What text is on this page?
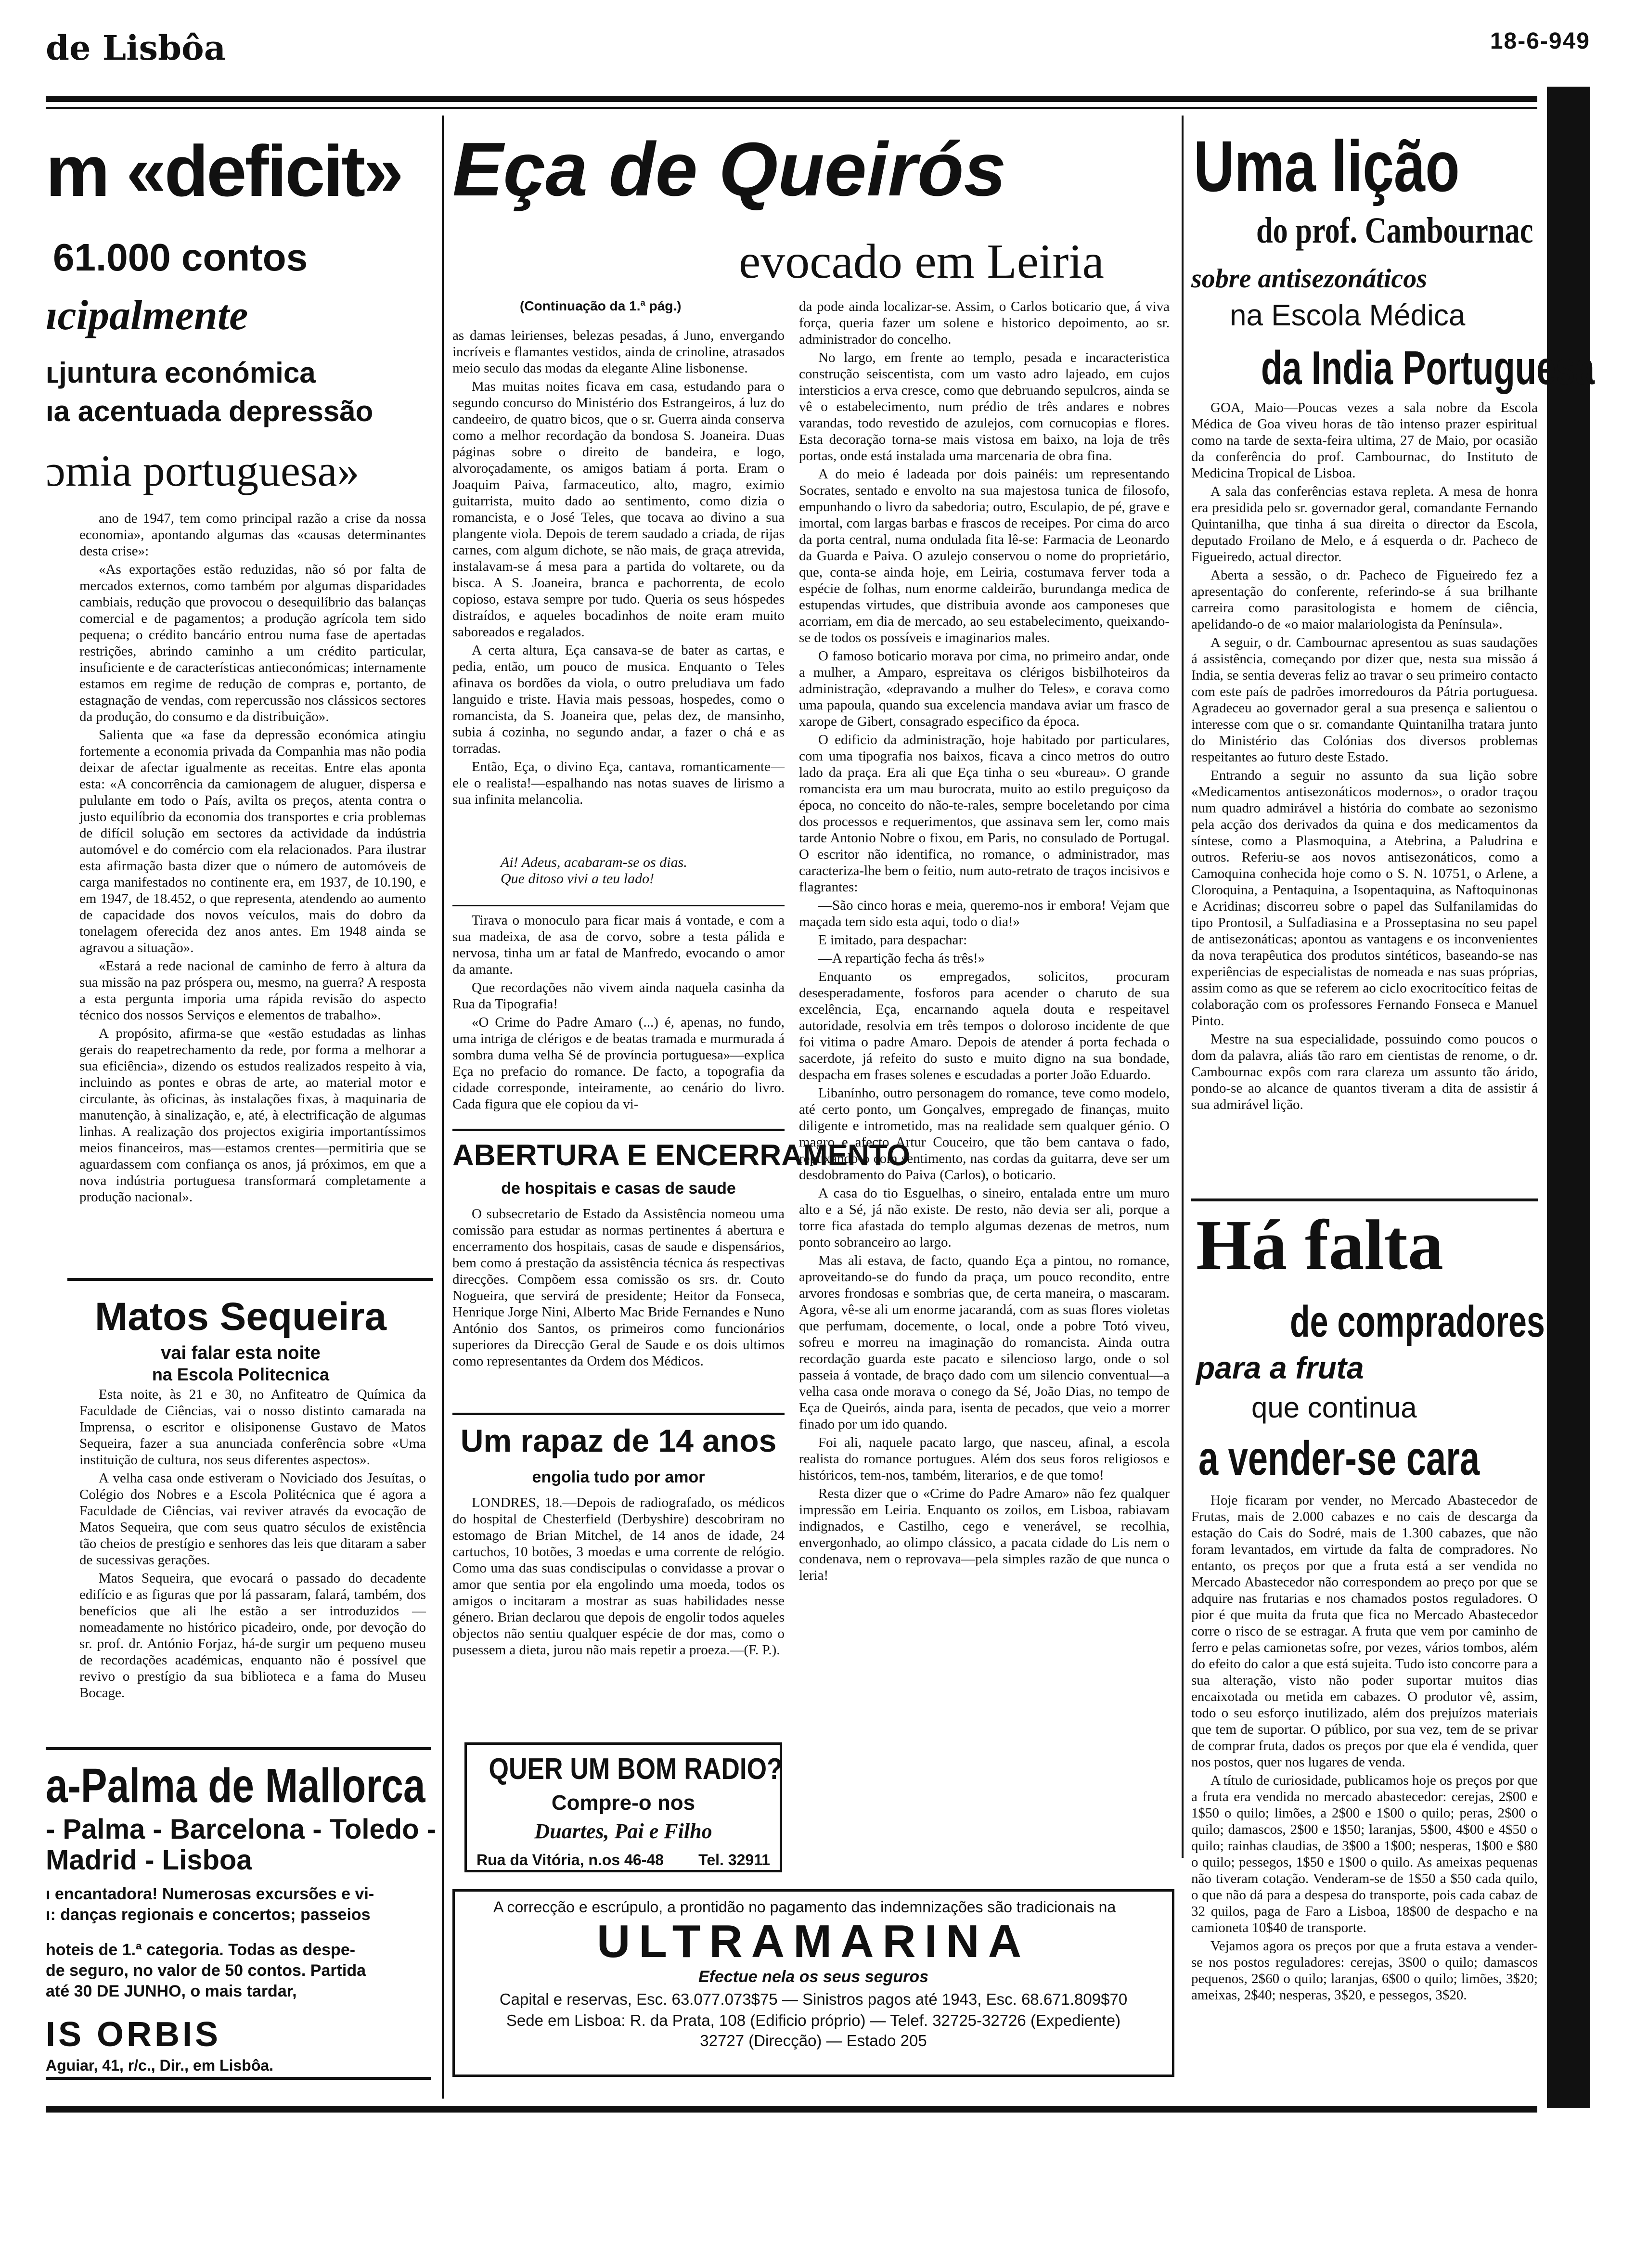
de Lisbôa	18-6-949
m «deficit»
61.000 contos
ıcipalmente
ʟjuntura económica
ıa acentuada depressão
ɔmia portuguesa»

ano de 1947, tem como principal razão a crise da nossa economia», apontando algumas das «causas determinantes desta crise»:

«As exportações estão reduzidas, não só por falta de mercados externos, como também por algumas disparidades cambiais, redução que provocou o desequilíbrio das balanças comercial e de pagamentos; a produção agrícola tem sido pequena; o crédito bancário entrou numa fase de apertadas restrições, abrindo caminho a um crédito particular, insuficiente e de características antieconómicas; internamente estamos em regime de redução de compras e, portanto, de estagnação de vendas, com repercussão nos clássicos sectores da produção, do consumo e da distribuição».

Salienta que «a fase da depressão económica atingiu fortemente a economia privada da Companhia mas não podia deixar de afectar igualmente as receitas. Entre elas aponta esta: «A concorrência da camionagem de aluguer, dispersa e pululante em todo o País, avilta os preços, atenta contra o justo equilíbrio da economia dos transportes e cria problemas de difícil solução em sectores da actividade da indústria automóvel e do comércio com ela relacionados. Para ilustrar esta afirmação basta dizer que o número de automóveis de carga manifestados no continente era, em 1937, de 10.190, e em 1947, de 18.452, o que representa, atendendo ao aumento de capacidade dos novos veículos, mais do dobro da tonelagem oferecida dez anos antes. Em 1948 ainda se agravou a situação».

«Estará a rede nacional de caminho de ferro à altura da sua missão na paz próspera ou, mesmo, na guerra? A resposta a esta pergunta imporia uma rápida revisão do aspecto técnico dos nossos Serviços e elementos de trabalho».

A propósito, afirma-se que «estão estudadas as linhas gerais do reapetrechamento da rede, por forma a melhorar a sua eficiência», dizendo os estudos realizados respeito à via, incluindo as pontes e obras de arte, ao material motor e circulante, às oficinas, às instalações fixas, à maquinaria de manutenção, à sinalização, e, até, à electrificação de algumas linhas. A realização dos projectos exigiria importantíssimos meios financeiros, mas—estamos crentes—permitiria que se aguardassem com confiança os anos, já próximos, em que a nova indústria portuguesa transformará completamente a produção nacional».

Matos Sequeira
vai falar esta noite
na Escola Politecnica

Esta noite, às 21 e 30, no Anfiteatro de Química da Faculdade de Ciências, vai o nosso distinto camarada na Imprensa, o escritor e olisiponense Gustavo de Matos Sequeira, fazer a sua anunciada conferência sobre «Uma instituição de cultura, nos seus diferentes aspectos».

A velha casa onde estiveram o Noviciado dos Jesuítas, o Colégio dos Nobres e a Escola Politécnica que é agora a Faculdade de Ciências, vai reviver através da evocação de Matos Sequeira, que com seus quatro séculos de existência tão cheios de prestígio e senhores das leis que ditaram a saber de sucessivas gerações.

Matos Sequeira, que evocará o passado do decadente edifício e as figuras que por lá passaram, falará, também, dos benefícios que ali lhe estão a ser introduzidos — nomeadamente no histórico picadeiro, onde, por devoção do sr. prof. dr. António Forjaz, há-de surgir um pequeno museu de recordações académicas, enquanto não é possível que revivo o prestígio da sua biblioteca e a fama do Museu Bocage.

a-Palma de Mallorca
- Palma - Barcelona - Toledo -
Madrid - Lisboa
ı encantadora! Numerosas excursões e vi-
ı: danças regionais e concertos; passeios
hoteis de 1.ª categoria. Todas as despe-
de seguro, no valor de 50 contos. Partida
até 30 DE JUNHO, o mais tardar,
IS ORBIS
Aguiar, 41, r/c., Dir., em Lisbôa.
Eça de Queirós
evocado em Leiria
(Continuação da 1.ª pág.)

as damas leirienses, belezas pesadas, á Juno, envergando incríveis e flamantes vestidos, ainda de crinoline, atrasados meio seculo das modas da elegante Aline lisbonense.

Mas muitas noites ficava em casa, estudando para o segundo concurso do Ministério dos Estrangeiros, á luz do candeeiro, de quatro bicos, que o sr. Guerra ainda conserva como a melhor recordação da bondosa S. Joaneira. Duas páginas sobre o direito de bandeira, e logo, alvoroçadamente, os amigos batiam á porta. Eram o Joaquim Paiva, farmaceutico, alto, magro, eximio guitarrista, muito dado ao sentimento, como dizia o romancista, e o José Teles, que tocava ao divino a sua plangente viola. Depois de terem saudado a criada, de rijas carnes, com algum dichote, se não mais, de graça atrevida, instalavam-se á mesa para a partida do voltarete, ou da bisca. A S. Joaneira, branca e pachorrenta, de ecolo copioso, estava sempre por tudo. Queria os seus hóspedes distraídos, e aqueles bocadinhos de noite eram muito saboreados e regalados.

A certa altura, Eça cansava-se de bater as cartas, e pedia, então, um pouco de musica. Enquanto o Teles afinava os bordões da viola, o outro preludiava um fado languido e triste. Havia mais pessoas, hospedes, como o romancista, da S. Joaneira que, pelas dez, de mansinho, subia á cozinha, no segundo andar, a fazer o chá e as torradas.

Então, Eça, o divino Eça, cantava, romanticamente—ele o realista!—espalhando nas notas suaves de lirismo a sua infinita melancolia.

Ai! Adeus, acabaram-se os dias.
Que ditoso vivi a teu lado!

Tirava o monoculo para ficar mais á vontade, e com a sua madeixa, de asa de corvo, sobre a testa pálida e nervosa, tinha um ar fatal de Manfredo, evocando o amor da amante.

Que recordações não vivem ainda naquela casinha da Rua da Tipografia!

«O Crime do Padre Amaro (...) é, apenas, no fundo, uma intriga de clérigos e de beatas tramada e murmurada á sombra duma velha Sé de província portuguesa»—explica Eça no prefacio do romance. De facto, a topografia da cidade corresponde, inteiramente, ao cenário do livro. Cada figura que ele copiou da vi-

ABERTURA E ENCERRAMENTO
de hospitais e casas de saude

O subsecretario de Estado da Assistência nomeou uma comissão para estudar as normas pertinentes á abertura e encerramento dos hospitais, casas de saude e dispensários, bem como á prestação da assistência técnica ás respectivas direcções. Compõem essa comissão os srs. dr. Couto Nogueira, que servirá de presidente; Heitor da Fonseca, Henrique Jorge Nini, Alberto Mac Bride Fernandes e Nuno António dos Santos, os primeiros como funcionários superiores da Direcção Geral de Saude e os dois ultimos como representantes da Ordem dos Médicos.

Um rapaz de 14 anos
engolia tudo por amor

LONDRES, 18.—Depois de radiografado, os médicos do hospital de Chesterfield (Derbyshire) descobriram no estomago de Brian Mitchel, de 14 anos de idade, 24 cartuchos, 10 botões, 3 moedas e uma corrente de relógio. Como uma das suas condiscipulas o convidasse a provar o amor que sentia por ela engolindo uma moeda, todos os amigos o incitaram a mostrar as suas habilidades nesse género. Brian declarou que depois de engolir todos aqueles objectos não sentiu qualquer espécie de dor mas, como o pusessem a dieta, jurou não mais repetir a proeza.—(F. P.).

QUER UM BOM RADIO?
Compre-o nos
Duartes, Pai e Filho
Rua da Vitória, n.os 46-48 Tel. 32911

da pode ainda localizar-se. Assim, o Carlos boticario que, á viva força, queria fazer um solene e historico depoimento, ao sr. administrador do concelho.

No largo, em frente ao templo, pesada e incaracteristica construção seiscentista, com um vasto adro lajeado, em cujos intersticios a erva cresce, como que debruando sepulcros, ainda se vê o estabelecimento, num prédio de três andares e nobres varandas, todo revestido de azulejos, com cornucopias e flores. Esta decoração torna-se mais vistosa em baixo, na loja de três portas, onde está instalada uma marcenaria de obra fina.

A do meio é ladeada por dois painéis: um representando Socrates, sentado e envolto na sua majestosa tunica de filosofo, empunhando o livro da sabedoria; outro, Esculapio, de pé, grave e imortal, com largas barbas e frascos de receipes. Por cima do arco da porta central, numa ondulada fita lê-se: Farmacia de Leonardo da Guarda e Paiva. O azulejo conservou o nome do proprietário, que, conta-se ainda hoje, em Leiria, costumava ferver toda a espécie de folhas, num enorme caldeirão, burundanga medica de estupendas virtudes, que distribuia avonde aos camponeses que acorriam, em dia de mercado, ao seu estabelecimento, queixando-se de todos os possíveis e imaginarios males.

O famoso boticario morava por cima, no primeiro andar, onde a mulher, a Amparo, espreitava os clérigos bisbilhoteiros da administração, «depravando a mulher do Teles», e corava como uma papoula, quando sua excelencia mandava aviar um frasco de xarope de Gibert, consagrado especifico da época.

O edificio da administração, hoje habitado por particulares, com uma tipografia nos baixos, ficava a cinco metros do outro lado da praça. Era ali que Eça tinha o seu «bureau». O grande romancista era um mau burocrata, muito ao estilo preguiçoso da época, no conceito do não-te-rales, sempre boceletando por cima dos processos e requerimentos, que assinava sem ler, como mais tarde Antonio Nobre o fixou, em Paris, no consulado de Portugal. O escritor não identifica, no romance, o administrador, mas caracteriza-lhe bem o feitio, num auto-retrato de traços incisivos e flagrantes:

—São cinco horas e meia, queremo-nos ir embora! Vejam que maçada tem sido esta aqui, todo o dia!»

E imitado, para despachar:

—A repartição fecha ás três!»

Enquanto os empregados, solicitos, procuram desesperadamente, fosforos para acender o charuto de sua excelência, Eça, encarnando aquela douta e respeitavel autoridade, resolvia em três tempos o doloroso incidente de que foi vitima o padre Amaro. Depois de atender á porta fechada o sacerdote, já refeito do susto e muito digno na sua bondade, despacha em frases solenes e escudadas a porter João Eduardo.

Libanínho, outro personagem do romance, teve como modelo, até certo ponto, um Gonçalves, empregado de finanças, muito diligente e intrometido, mas na realidade sem qualquer génio. O magro e afecto Artur Couceiro, que tão bem cantava o fado, repuxando-o com sentimento, nas cordas da guitarra, deve ser um desdobramento do Paiva (Carlos), o boticario.

A casa do tio Esguelhas, o sineiro, entalada entre um muro alto e a Sé, já não existe. De resto, não devia ser ali, porque a torre fica afastada do templo algumas dezenas de metros, num ponto sobranceiro ao largo.

Mas ali estava, de facto, quando Eça a pintou, no romance, aproveitando-se do fundo da praça, um pouco recondito, entre arvores frondosas e sombrias que, de certa maneira, o mascaram. Agora, vê-se ali um enorme jacarandá, com as suas flores violetas que perfumam, docemente, o local, onde a pobre Totó viveu, sofreu e morreu na imaginação do romancista. Ainda outra recordação guarda este pacato e silencioso largo, onde o sol passeia á vontade, de braço dado com um silencio conventual—a velha casa onde morava o conego da Sé, João Dias, no tempo de Eça de Queirós, ainda para, isenta de pecados, que veio a morrer finado por um ido quando.

Foi ali, naquele pacato largo, que nasceu, afinal, a escola realista do romance portugues. Além dos seus foros religiosos e históricos, tem-nos, também, literarios, e de que tomo!

Resta dizer que o «Crime do Padre Amaro» não fez qualquer impressão em Leiria. Enquanto os zoilos, em Lisboa, rabiavam indignados, e Castilho, cego e venerável, se recolhia, envergonhado, ao olimpo clássico, a pacata cidade do Lis nem o condenava, nem o reprovava—pela simples razão de que nunca o leria!

A correcção e escrúpulo, a prontidão no pagamento das indemnizações são tradicionais na
ULTRAMARINA
Efectue nela os seus seguros
Capital e reservas, Esc. 63.077.073$75 — Sinistros pagos até 1943, Esc. 68.671.809$70
Sede em Lisboa: R. da Prata, 108 (Edificio próprio) — Telef. 32725-32726 (Expediente)
32727 (Direcção) — Estado 205
Uma lição
do prof. Cambournac
sobre antisezonáticos
na Escola Médica
da India Portuguesa

GOA, Maio—Poucas vezes a sala nobre da Escola Médica de Goa viveu horas de tão intenso prazer espiritual como na tarde de sexta-feira ultima, 27 de Maio, por ocasião da conferência do prof. Cambournac, do Instituto de Medicina Tropical de Lisboa.

A sala das conferências estava repleta. A mesa de honra era presidida pelo sr. governador geral, comandante Fernando Quintanilha, que tinha á sua direita o director da Escola, deputado Froilano de Melo, e á esquerda o dr. Pacheco de Figueiredo, actual director.

Aberta a sessão, o dr. Pacheco de Figueiredo fez a apresentação do conferente, referindo-se á sua brilhante carreira como parasitologista e homem de ciência, apelidando-o de «o maior malariologista da Península».

A seguir, o dr. Cambournac apresentou as suas saudações á assistência, começando por dizer que, nesta sua missão á India, se sentia deveras feliz ao travar o seu primeiro contacto com este país de padrões imorredouros da Pátria portuguesa. Agradeceu ao governador geral a sua presença e salientou o interesse com que o sr. comandante Quintanilha tratara junto do Ministério das Colónias dos diversos problemas respeitantes ao futuro deste Estado.

Entrando a seguir no assunto da sua lição sobre «Medicamentos antisezonáticos modernos», o orador traçou num quadro admirável a história do combate ao sezonismo pela acção dos derivados da quina e dos medicamentos da síntese, como a Plasmoquina, a Atebrina, a Paludrina e outros. Referiu-se aos novos antisezonáticos, como a Camoquina conhecida hoje como o S. N. 10751, o Arlene, a Cloroquina, a Pentaquina, a Isopentaquina, as Naftoquinonas e Acridinas; discorreu sobre o papel das Sulfanilamidas do tipo Prontosil, a Sulfadiasina e a Prosseptasina no seu papel de antisezonáticas; apontou as vantagens e os inconvenientes da nova terapêutica dos produtos sintéticos, baseando-se nas experiências de especialistas de nomeada e nas suas próprias, assim como as que se referem ao ciclo exocritocítico feitas de colaboração com os professores Fernando Fonseca e Manuel Pinto.

Mestre na sua especialidade, possuindo como poucos o dom da palavra, aliás tão raro em cientistas de renome, o dr. Cambournac expôs com rara clareza um assunto tão árido, pondo-se ao alcance de quantos tiveram a dita de assistir á sua admirável lição.

Há falta
de compradores
para a fruta
que continua
a vender-se cara

Hoje ficaram por vender, no Mercado Abastecedor de Frutas, mais de 2.000 cabazes e no cais de descarga da estação do Cais do Sodré, mais de 1.300 cabazes, que não foram levantados, em virtude da falta de compradores. No entanto, os preços por que a fruta está a ser vendida no Mercado Abastecedor não correspondem ao preço por que se adquire nas frutarias e nos chamados postos reguladores. O pior é que muita da fruta que fica no Mercado Abastecedor corre o risco de se estragar. A fruta que vem por caminho de ferro e pelas camionetas sofre, por vezes, vários tombos, além do efeito do calor a que está sujeita. Tudo isto concorre para a sua alteração, visto não poder suportar muitos dias encaixotada ou metida em cabazes. O produtor vê, assim, todo o seu esforço inutilizado, além dos prejuízos materiais que tem de suportar. O público, por sua vez, tem de se privar de comprar fruta, dados os preços por que ela é vendida, quer nos postos, quer nos lugares de venda.

A título de curiosidade, publicamos hoje os preços por que a fruta era vendida no mercado abastecedor: cerejas, 2$00 e 1$50 o quilo; limões, a 2$00 e 1$00 o quilo; peras, 2$00 o quilo; damascos, 2$00 e 1$50; laranjas, 5$00, 4$00 e 4$50 o quilo; rainhas claudias, de 3$00 a 1$00; nesperas, 1$00 e $80 o quilo; pessegos, 1$50 e 1$00 o quilo. As ameixas pequenas não tiveram cotação. Venderam-se de 1$50 a $50 cada quilo, o que não dá para a despesa do transporte, pois cada cabaz de 32 quilos, paga de Faro a Lisboa, 18$00 de despacho e na camioneta 10$40 de transporte.

Vejamos agora os preços por que a fruta estava a vender-se nos postos reguladores: cerejas, 3$00 o quilo; damascos pequenos, 2$60 o quilo; laranjas, 6$00 o quilo; limões, 3$20; ameixas, 2$40; nesperas, 3$20, e pessegos, 3$20.
